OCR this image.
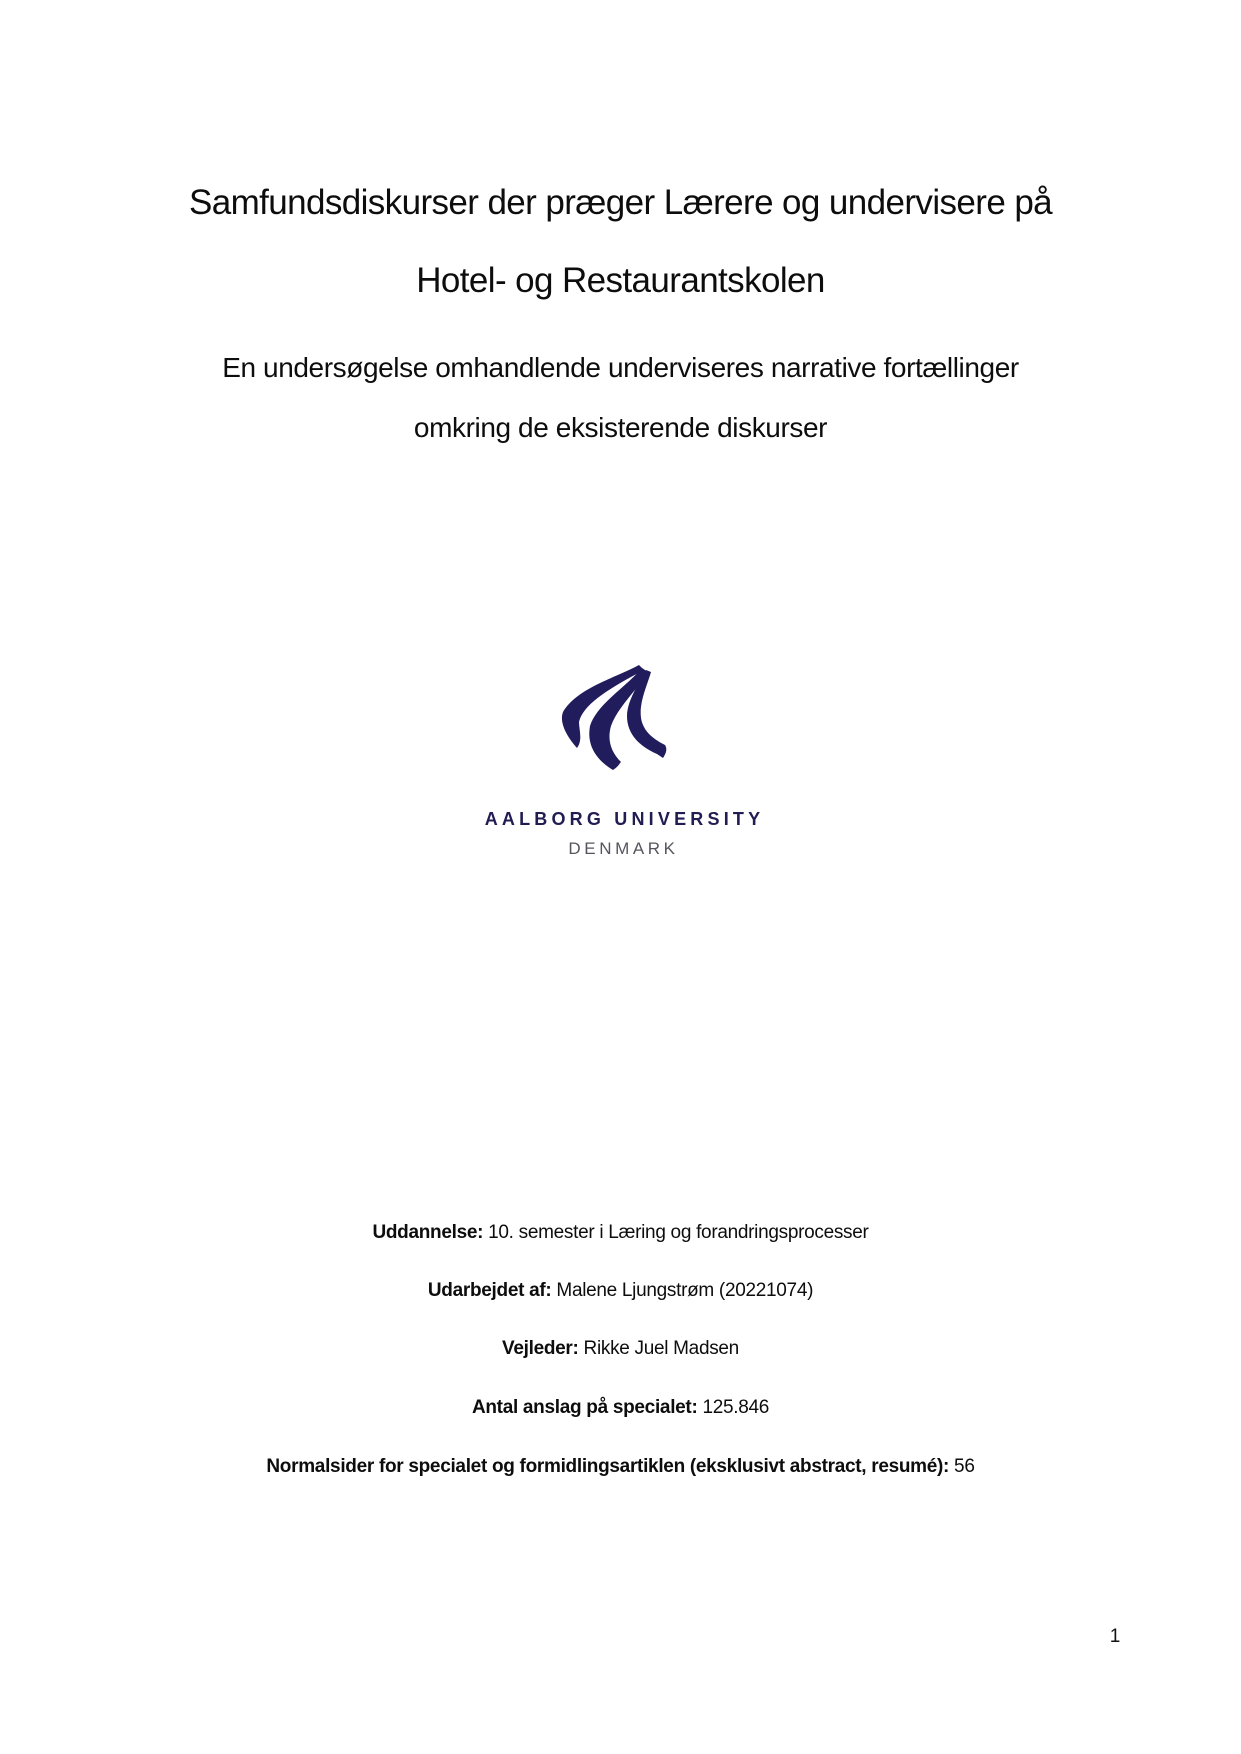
Samfundsdiskurser der præger Lærere og undervisere på
Hotel- og Restaurantskolen
En undersøgelse omhandlende underviseres narrative fortællinger
omkring de eksisterende diskurser
AALBORG UNIVERSITY
DENMARK
Uddannelse: 10. semester i Læring og forandringsprocesser
Udarbejdet af: Malene Ljungstrøm (20221074)
Vejleder: Rikke Juel Madsen
Antal anslag på specialet: 125.846
Normalsider for specialet og formidlingsartiklen (eksklusivt abstract, resumé): 56
1
